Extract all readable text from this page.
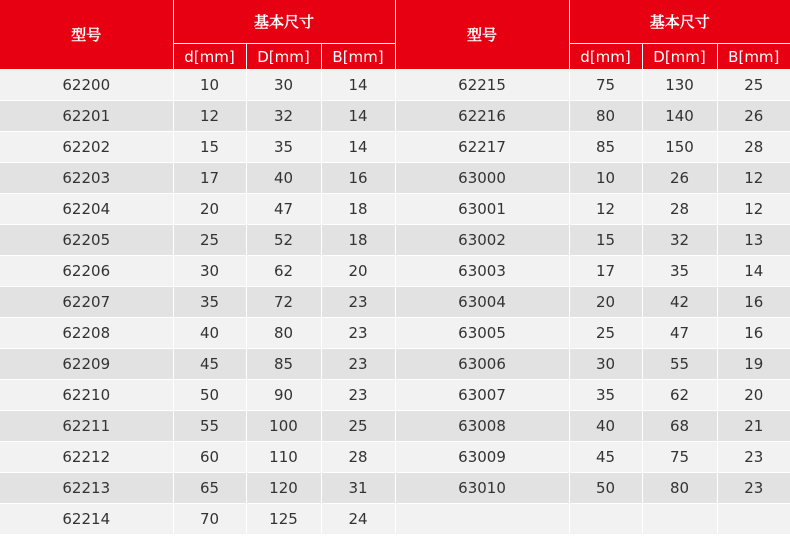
型号	基本尺寸			型号	基本尺寸		
	d[mm]	D[mm]	B[mm]		d[mm]	D[mm]	B[mm]
62200	10	30	14	62215	75	130	25
62201	12	32	14	62216	80	140	26
62202	15	35	14	62217	85	150	28
62203	17	40	16	63000	10	26	12
62204	20	47	18	63001	12	28	12
62205	25	52	18	63002	15	32	13
62206	30	62	20	63003	17	35	14
62207	35	72	23	63004	20	42	16
62208	40	80	23	63005	25	47	16
62209	45	85	23	63006	30	55	19
62210	50	90	23	63007	35	62	20
62211	55	100	25	63008	40	68	21
62212	60	110	28	63009	45	75	23
62213	65	120	31	63010	50	80	23
62214	70	125	24				
